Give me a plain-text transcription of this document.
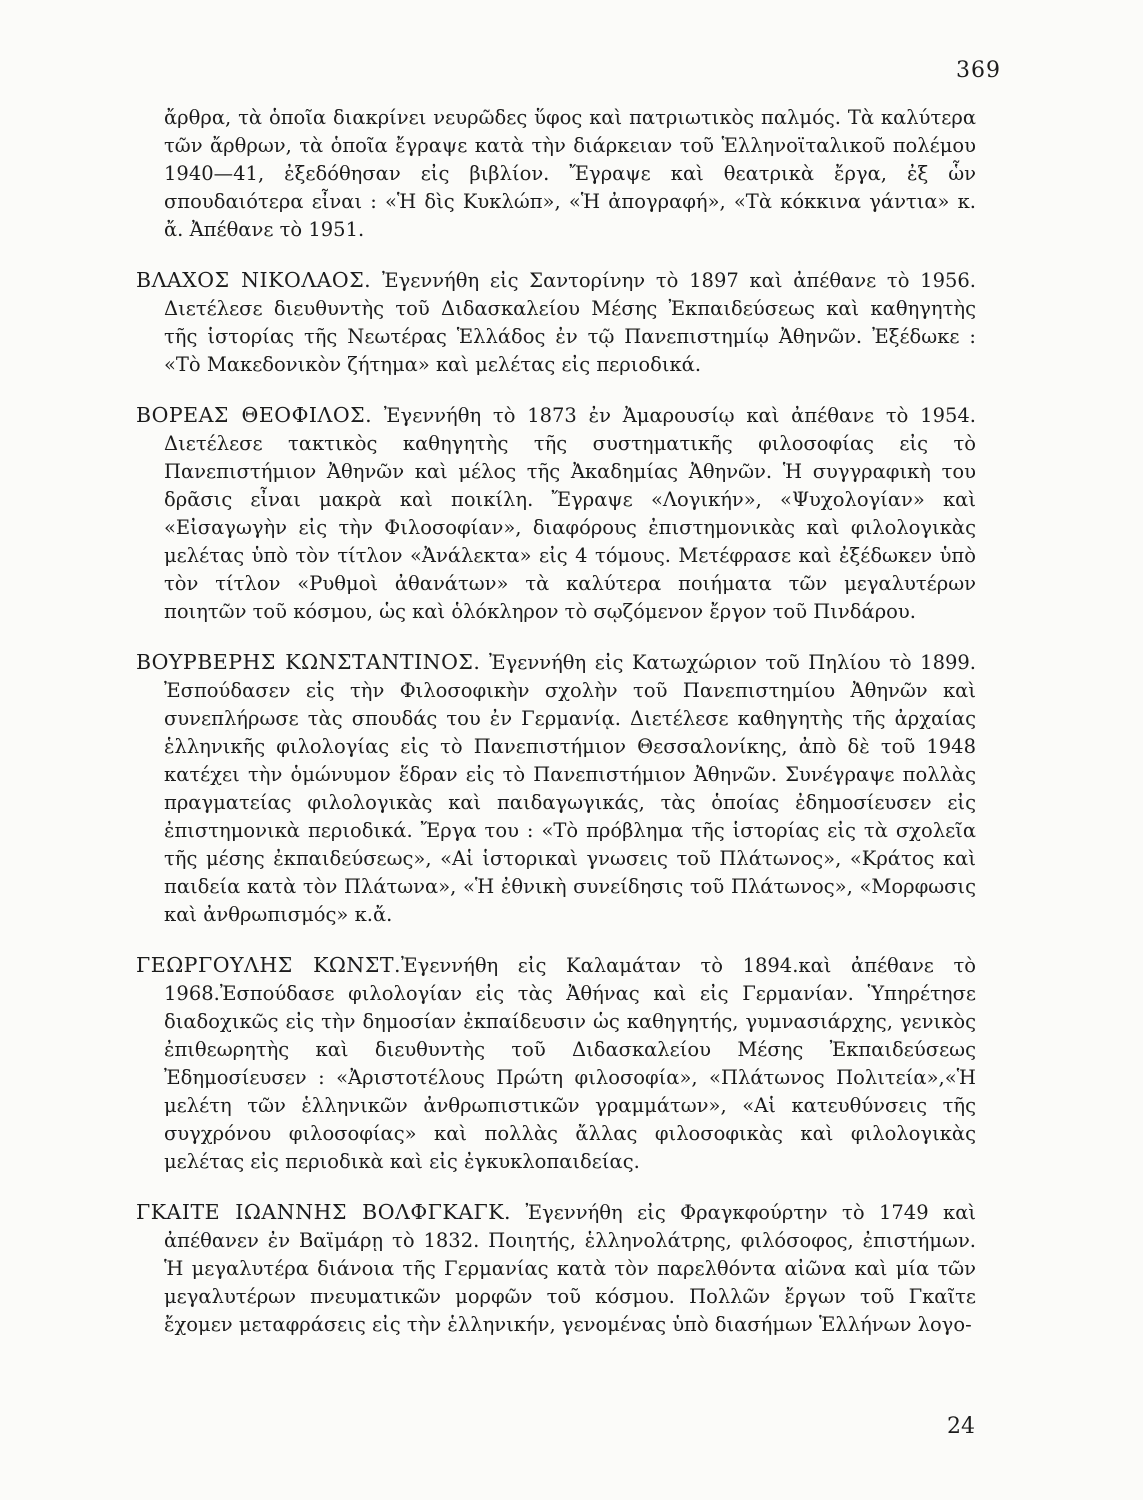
369

ἄρθρα, τὰ ὁποῖα διακρίνει νευρῶδες ὕφος καὶ πατριωτικὸς παλμός. Τὰ καλύτερα τῶν ἄρθρων, τὰ ὁποῖα ἔγραψε κατὰ τὴν διάρκειαν τοῦ Ἑλληνοϊταλικοῦ πολέμου 1940—41, ἐξεδόθησαν εἰς βιβλίον. Ἔγραψε καὶ θεατρικὰ ἔργα, ἐξ ὧν σπουδαιότερα εἶναι : «Ἡ δὶς Κυκλώπ», «Ἡ ἀπογραφή», «Τὰ κόκκινα γάντια» κ. ἄ. Ἀπέθανε τὸ 1951.

ΒΛΑΧΟΣ ΝΙΚΟΛΑΟΣ. Ἐγεννήθη εἰς Σαντορίνην τὸ 1897 καὶ ἀπέθανε τὸ 1956. Διετέλεσε διευθυντὴς τοῦ Διδασκαλείου Μέσης Ἐκπαιδεύσεως καὶ καθηγητὴς τῆς ἱστορίας τῆς Νεωτέρας Ἑλλάδος ἐν τῷ Πανεπιστημίῳ Ἀθηνῶν. Ἐξέδωκε : «Τὸ Μακεδονικὸν ζήτημα» καὶ μελέτας εἰς περιοδικά.

ΒΟΡΕΑΣ ΘΕΟΦΙΛΟΣ. Ἐγεννήθη τὸ 1873 ἐν Ἀμαρουσίῳ καὶ ἀπέθανε τὸ 1954. Διετέλεσε τακτικὸς καθηγητὴς τῆς συστηματικῆς φιλοσοφίας εἰς τὸ Πανεπιστήμιον Ἀθηνῶν καὶ μέλος τῆς Ἀκαδημίας Ἀθηνῶν. Ἡ συγγραφικὴ του δρᾶσις εἶναι μακρὰ καὶ ποικίλη. Ἔγραψε «Λογικήν», «Ψυχολογίαν» καὶ «Εἰσαγωγὴν εἰς τὴν Φιλοσοφίαν», διαφόρους ἐπιστημονικὰς καὶ φιλολογικὰς μελέτας ὑπὸ τὸν τίτλον «Ἀνάλεκτα» εἰς 4 τόμους. Μετέφρασε καὶ ἐξέδωκεν ὑπὸ τὸν τίτλον «Ρυθμοὶ ἀθανάτων» τὰ καλύτερα ποιήματα τῶν μεγαλυτέρων ποιητῶν τοῦ κόσμου, ὡς καὶ ὁλόκληρον τὸ σῳζόμενον ἔργον τοῦ Πινδάρου.

ΒΟΥΡΒΕΡΗΣ ΚΩΝΣΤΑΝΤΙΝΟΣ. Ἐγεννήθη εἰς Κατωχώριον τοῦ Πηλίου τὸ 1899. Ἐσπούδασεν εἰς τὴν Φιλοσοφικὴν σχολὴν τοῦ Πανεπιστημίου Ἀθηνῶν καὶ συνεπλήρωσε τὰς σπουδάς του ἐν Γερμανίᾳ. Διετέλεσε καθηγητὴς τῆς ἀρχαίας ἑλληνικῆς φιλολογίας εἰς τὸ Πανεπιστήμιον Θεσσαλονίκης, ἀπὸ δὲ τοῦ 1948 κατέχει τὴν ὁμώνυμον ἕδραν εἰς τὸ Πανεπιστήμιον Ἀθηνῶν. Συνέγραψε πολλὰς πραγματείας φιλολογικὰς καὶ παιδαγωγικάς, τὰς ὁποίας ἐδημοσίευσεν εἰς ἐπιστημονικὰ περιοδικά. Ἔργα του : «Τὸ πρόβλημα τῆς ἱστορίας εἰς τὰ σχολεῖα τῆς μέσης ἐκπαιδεύσεως», «Αἱ ἱστορικαὶ γνωσεις τοῦ Πλάτωνος», «Κράτος καὶ παιδεία κατὰ τὸν Πλάτωνα», «Ἡ ἐθνικὴ συνείδησις τοῦ Πλάτωνος», «Μορφωσις καὶ ἀνθρωπισμός» κ.ἄ.

ΓΕΩΡΓΟΥΛΗΣ ΚΩΝΣΤ.Ἐγεννήθη εἰς Καλαμάταν τὸ 1894.καὶ ἀπέθανε τὸ 1968.Ἐσπούδασε φιλολογίαν εἰς τὰς Ἀθήνας καὶ εἰς Γερμανίαν. Ὑπηρέτησε διαδοχικῶς εἰς τὴν δημοσίαν ἐκπαίδευσιν ὡς καθηγητής, γυμνασιάρχης, γενικὸς ἐπιθεωρητὴς καὶ διευθυντὴς τοῦ Διδασκαλείου Μέσης Ἐκπαιδεύσεως Ἐδημοσίευσεν : «Ἀριστοτέλους Πρώτη φιλοσοφία», «Πλάτωνος Πολιτεία»,«Ἡ μελέτη τῶν ἑλληνικῶν ἀνθρωπιστικῶν γραμμάτων», «Αἱ κατευθύνσεις τῆς συγχρόνου φιλοσοφίας» καὶ πολλὰς ἄλλας φιλοσοφικὰς καὶ φιλολογικὰς μελέτας εἰς περιοδικὰ καὶ εἰς ἐγκυκλοπαιδείας.

ΓΚΑΙΤΕ ΙΩΑΝΝΗΣ ΒΟΛΦΓΚΑΓΚ. Ἐγεννήθη εἰς Φραγκφούρτην τὸ 1749 καὶ ἀπέθανεν ἐν Βαϊμάρῃ τὸ 1832. Ποιητής, ἑλληνολάτρης, φιλόσοφος, ἐπιστήμων. Ἡ μεγαλυτέρα διάνοια τῆς Γερμανίας κατὰ τὸν παρελθόντα αἰῶνα καὶ μία τῶν μεγαλυτέρων πνευματικῶν μορφῶν τοῦ κόσμου. Πολλῶν ἔργων τοῦ Γκαῖτε ἔχομεν μεταφράσεις εἰς τὴν ἑλληνικήν, γενομένας ὑπὸ διασήμων Ἑλλήνων λογο-

24
